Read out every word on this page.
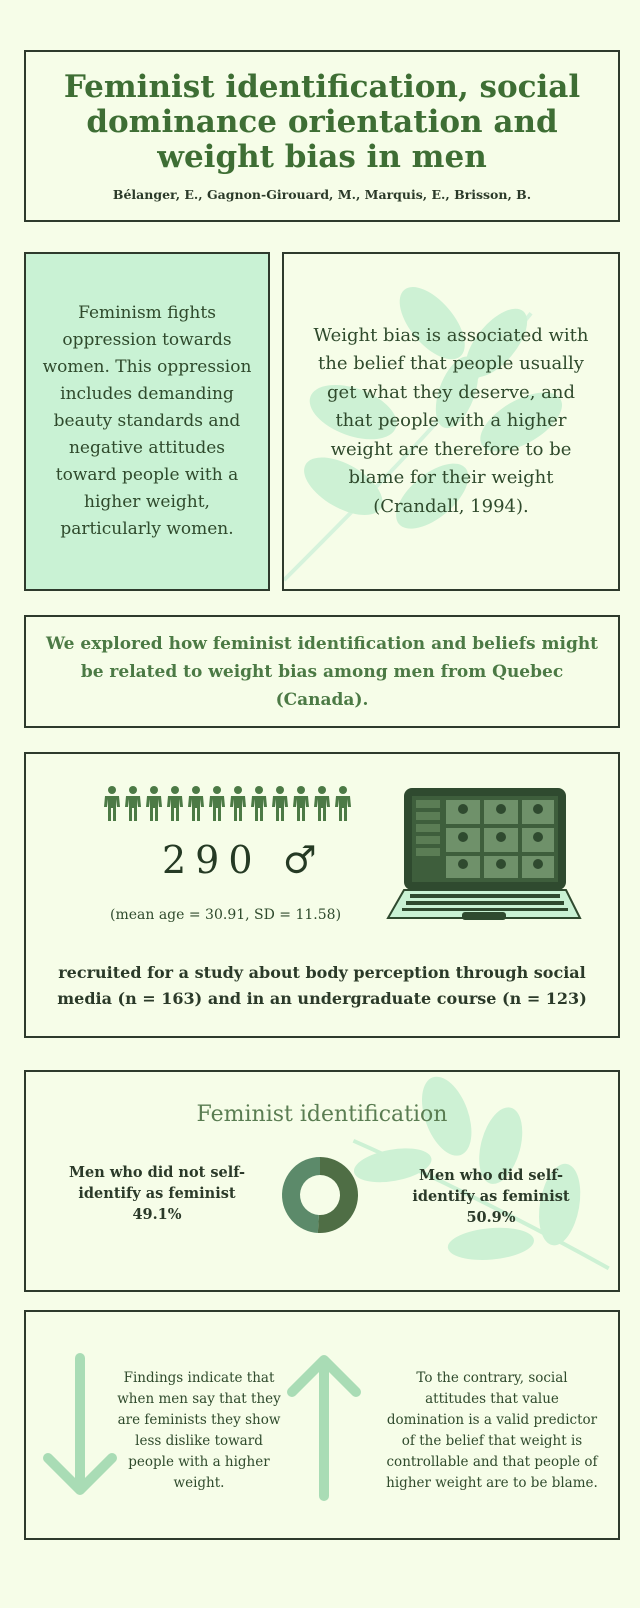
Feminist identification, social dominance orientation and weight bias in men
Bélanger, E., Gagnon-Girouard, M., Marquis, E., Brisson, B.

Feminism fights oppression towards women. This oppression includes demanding beauty standards and negative attitudes toward people with a higher weight, particularly women.

Weight bias is associated with the belief that people usually get what they deserve, and that people with a higher weight are therefore to be blame for their weight (Crandall, 1994).

We explored how feminist identification and beliefs might be related to weight bias among men from Quebec (Canada).

290 ♂
(mean age = 30.91, SD = 11.58)
recruited for a study about body perception through social media (n = 163) and in an undergraduate course (n = 123)
Feminist identification
Men who did not self-identify as feminist
49.1%
Men who did self-identify as feminist
50.9%
Findings indicate that when men say that they are feminists they show less dislike toward people with a higher weight.
To the contrary, social attitudes that value domination is a valid predictor of the belief that weight is controllable and that people of higher weight are to be blame.
